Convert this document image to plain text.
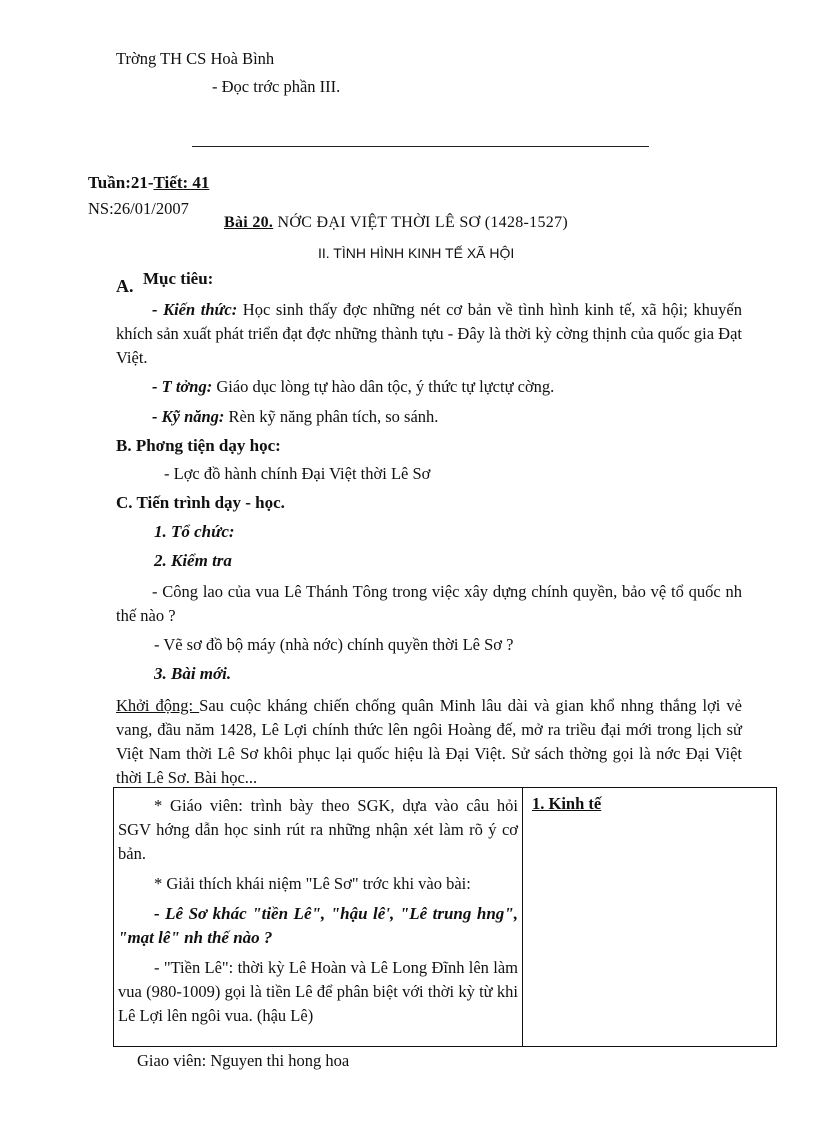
Trờng TH CS Hoà Bình
- Đọc trớc phần III.
Tuần:21-Tiết: 41
NS:26/01/2007
Bài 20. NỚC ĐẠI VIỆT THỜI LÊ SƠ (1428-1527)
II. TÌNH HÌNH KINH TẾ XÃ HỘI
A. Mục tiêu:
- Kiến thức: Học sinh thấy đợc những nét cơ bản về tình hình kinh tế, xã hội; khuyến khích sản xuất phát triển đạt đợc những thành tựu - Đây là thời kỳ cờng thịnh của quốc gia Đạt Việt.
- T tởng: Giáo dục lòng tự hào dân tộc, ý thức tự lựctự cờng.
- Kỹ năng: Rèn kỹ năng phân tích, so sánh.
B. Phơng tiện dạy học:
- Lợc đồ hành chính Đại Việt thời Lê Sơ
C. Tiến trình dạy - học.
1. Tổ chức:
2. Kiểm tra
- Công lao của vua Lê Thánh Tông trong việc xây dựng chính quyền, bảo vệ tổ quốc nh thế nào ?
- Vẽ sơ đồ bộ máy (nhà nớc) chính quyền thời Lê Sơ ?
3. Bài mới.
Khởi động: Sau cuộc kháng chiến chống quân Minh lâu dài và gian khổ nhng thắng lợi vẻ vang, đầu năm 1428, Lê Lợi chính thức lên ngôi Hoàng đế, mở ra triều đại mới trong lịch sử Việt Nam thời Lê Sơ khôi phục lại quốc hiệu là Đại Việt. Sử sách thờng gọi là nớc Đại Việt thời Lê Sơ. Bài học...

* Giáo viên: trình bày theo SGK, dựa vào câu hỏi SGV hớng dẫn học sinh rút ra những nhận xét làm rõ ý cơ bản.

* Giải thích khái niệm "Lê Sơ" trớc khi vào bài:

- Lê Sơ khác "tiền Lê", "hậu lê', "Lê trung hng", "mạt lê" nh thế nào ?

- "Tiền Lê": thời kỳ Lê Hoàn và Lê Long Đĩnh lên làm vua (980-1009) gọi là tiền Lê để phân biệt với thời kỳ từ khi Lê Lợi lên ngôi vua. (hậu Lê)

1. Kinh tế
Giao viên: Nguyen thi hong hoa
